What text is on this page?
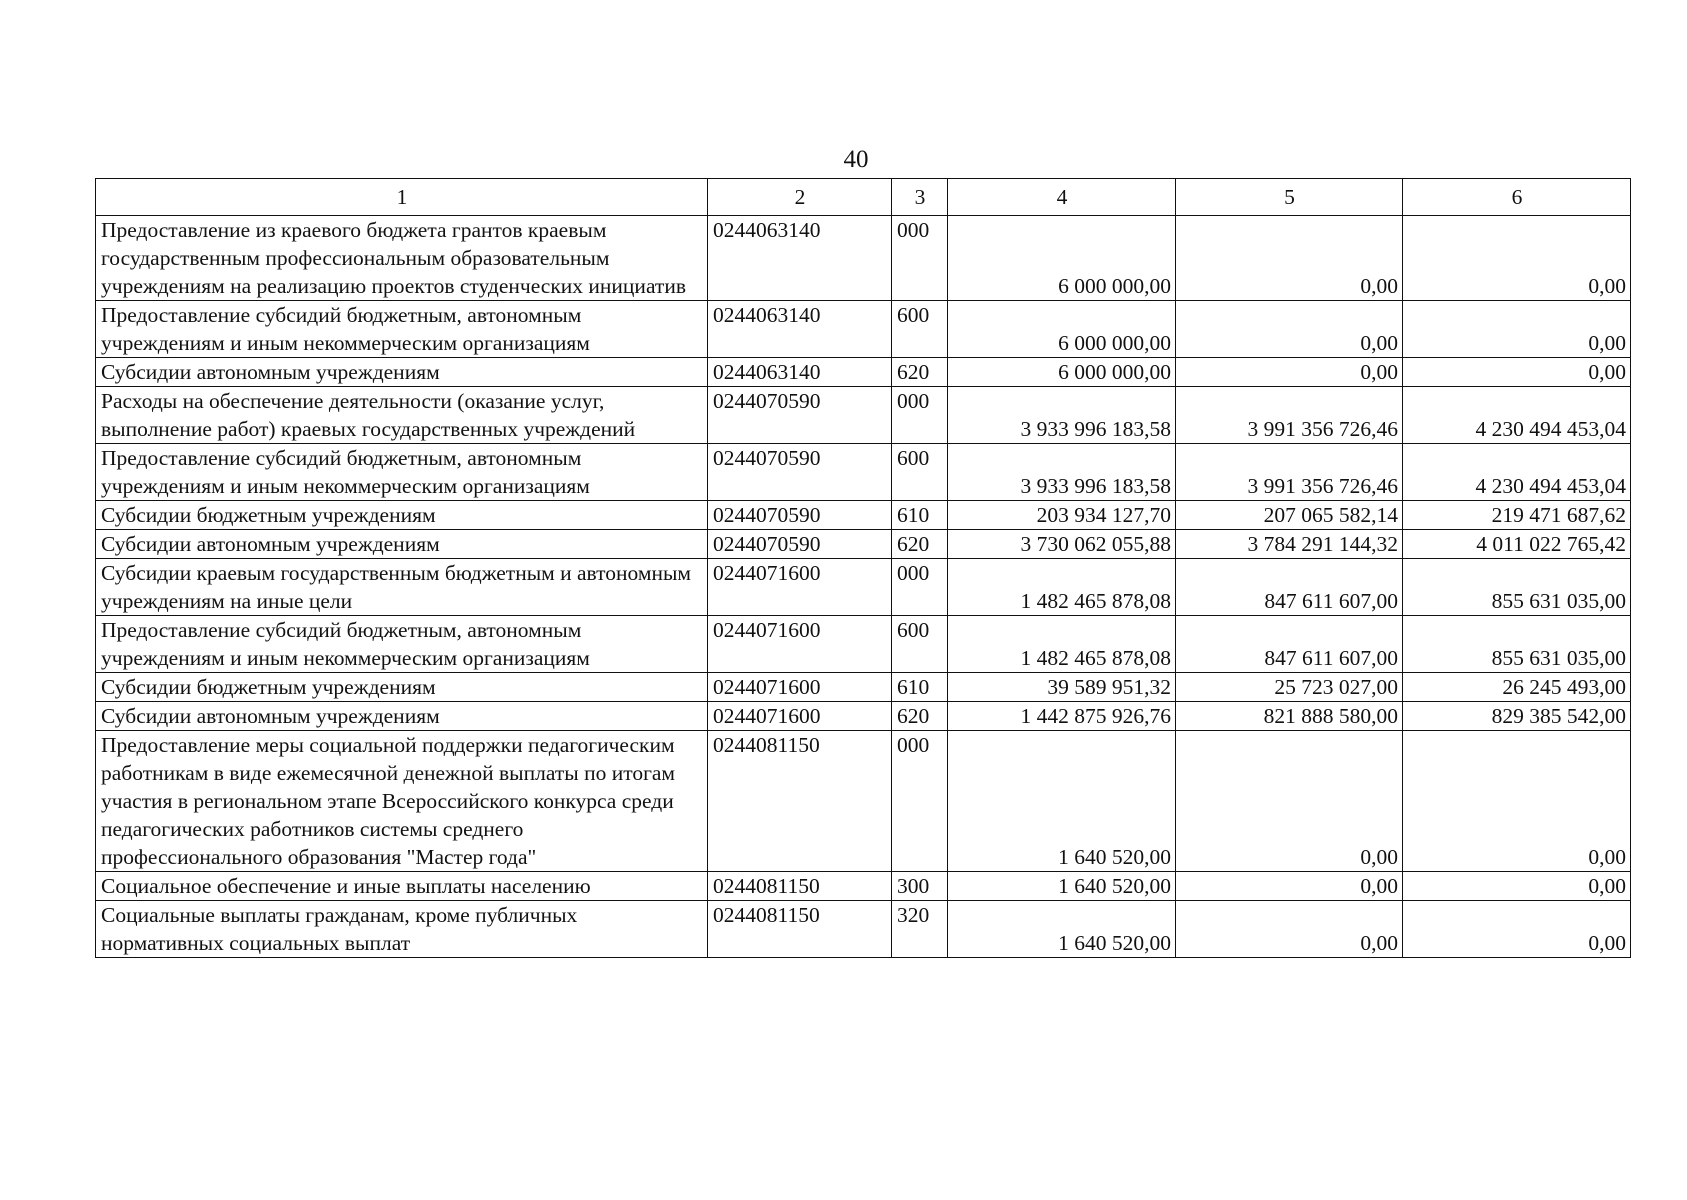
40
1	2	3	4	5	6
Предоставление из краевого бюджета грантов краевым государственным профессиональным образовательным учреждениям на реализацию проектов студенческих инициатив	0244063140	000	6 000 000,00	0,00	0,00
Предоставление субсидий бюджетным, автономным учреждениям и иным некоммерческим организациям	0244063140	600	6 000 000,00	0,00	0,00
Субсидии автономным учреждениям	0244063140	620	6 000 000,00	0,00	0,00
Расходы на обеспечение деятельности (оказание услуг, выполнение работ) краевых государственных учреждений	0244070590	000	3 933 996 183,58	3 991 356 726,46	4 230 494 453,04
Предоставление субсидий бюджетным, автономным учреждениям и иным некоммерческим организациям	0244070590	600	3 933 996 183,58	3 991 356 726,46	4 230 494 453,04
Субсидии бюджетным учреждениям	0244070590	610	203 934 127,70	207 065 582,14	219 471 687,62
Субсидии автономным учреждениям	0244070590	620	3 730 062 055,88	3 784 291 144,32	4 011 022 765,42
Субсидии краевым государственным бюджетным и автономным учреждениям на иные цели	0244071600	000	1 482 465 878,08	847 611 607,00	855 631 035,00
Предоставление субсидий бюджетным, автономным учреждениям и иным некоммерческим организациям	0244071600	600	1 482 465 878,08	847 611 607,00	855 631 035,00
Субсидии бюджетным учреждениям	0244071600	610	39 589 951,32	25 723 027,00	26 245 493,00
Субсидии автономным учреждениям	0244071600	620	1 442 875 926,76	821 888 580,00	829 385 542,00
Предоставление меры социальной поддержки педагогическим работникам в виде ежемесячной денежной выплаты по итогам участия в региональном этапе Всероссийского конкурса среди педагогических работников системы среднего профессионального образования "Мастер года"	0244081150	000	1 640 520,00	0,00	0,00
Социальное обеспечение и иные выплаты населению	0244081150	300	1 640 520,00	0,00	0,00
Социальные выплаты гражданам, кроме публичных нормативных социальных выплат	0244081150	320	1 640 520,00	0,00	0,00
